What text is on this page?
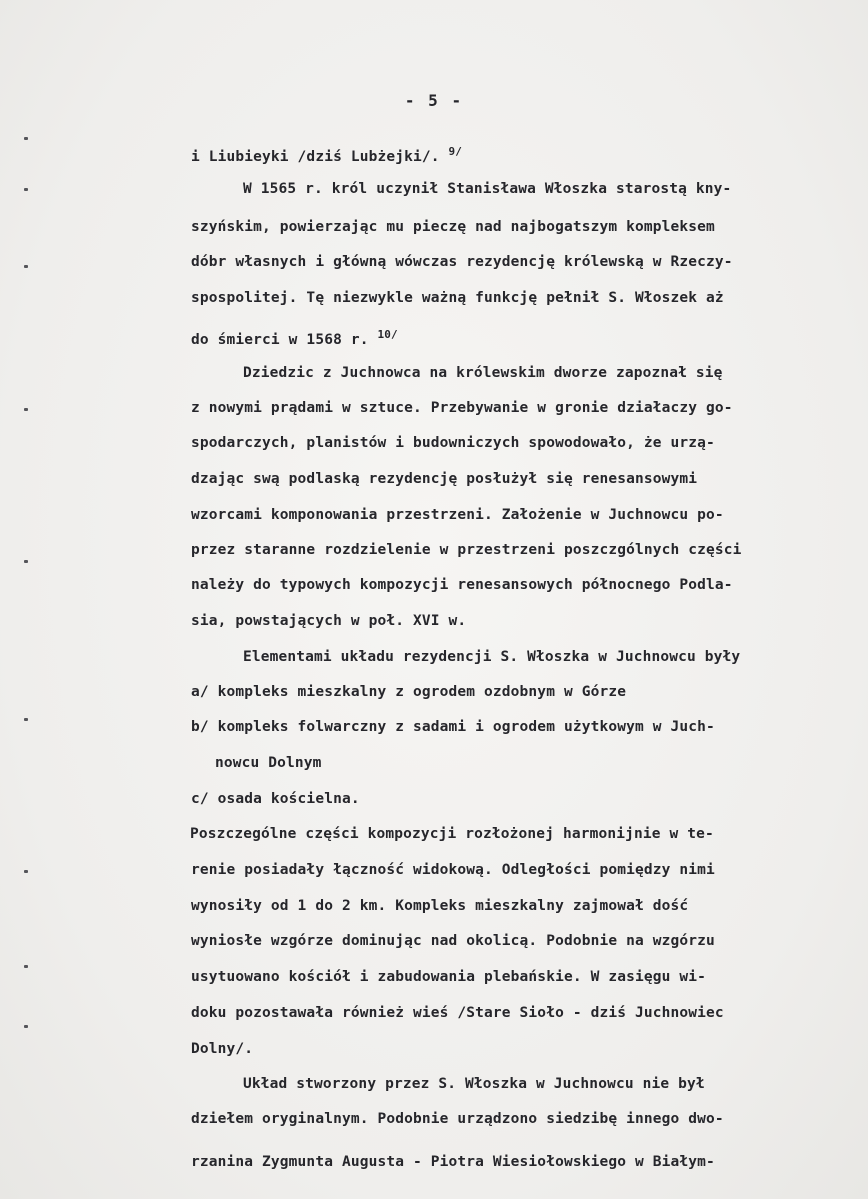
- 5 -

i Liubieyki /dziś Lubżejki/. $^{9/}$

W 1565 r. król uczynił Stanisława Włoszka starostą kny-

szyńskim, powierzając mu pieczę nad najbogatszym kompleksem

dóbr własnych i główną wówczas rezydencję królewską w Rzeczy-

spospolitej. Tę niezwykle ważną funkcję pełnił S. Włoszek aż

do śmierci w 1568 r. $^{10/}$

Dziedzic z Juchnowca na królewskim dworze zapoznał się

z nowymi prądami w sztuce. Przebywanie w gronie działaczy go-

spodarczych, planistów i budowniczych spowodowało, że urzą-

dzając swą podlaską rezydencję posłużył się renesansowymi

wzorcami komponowania przestrzeni. Założenie w Juchnowcu po-

przez staranne rozdzielenie w przestrzeni poszczgólnych części

należy do typowych kompozycji renesansowych północnego Podla-

sia, powstających w poł. XVI w.

Elementami układu rezydencji S. Włoszka w Juchnowcu były

a/ kompleks mieszkalny z ogrodem ozdobnym w Górze

b/ kompleks folwarczny z sadami i ogrodem użytkowym w Juch-

nowcu Dolnym

c/ osada kościelna.

Poszczególne części kompozycji rozłożonej harmonijnie w te-

renie posiadały łączność widokową. Odległości pomiędzy nimi

wynosiły od 1 do 2 km. Kompleks mieszkalny zajmował dość

wyniosłe wzgórze dominując nad okolicą. Podobnie na wzgórzu

usytuowano kościół i zabudowania plebańskie. W zasięgu wi-

doku pozostawała również wieś /Stare Sioło - dziś Juchnowiec

Dolny/.

Układ stworzony przez S. Włoszka w Juchnowcu nie był

dziełem oryginalnym. Podobnie urządzono siedzibę innego dwo-

rzanina Zygmunta Augusta - Piotra Wiesiołowskiego w Białym-
